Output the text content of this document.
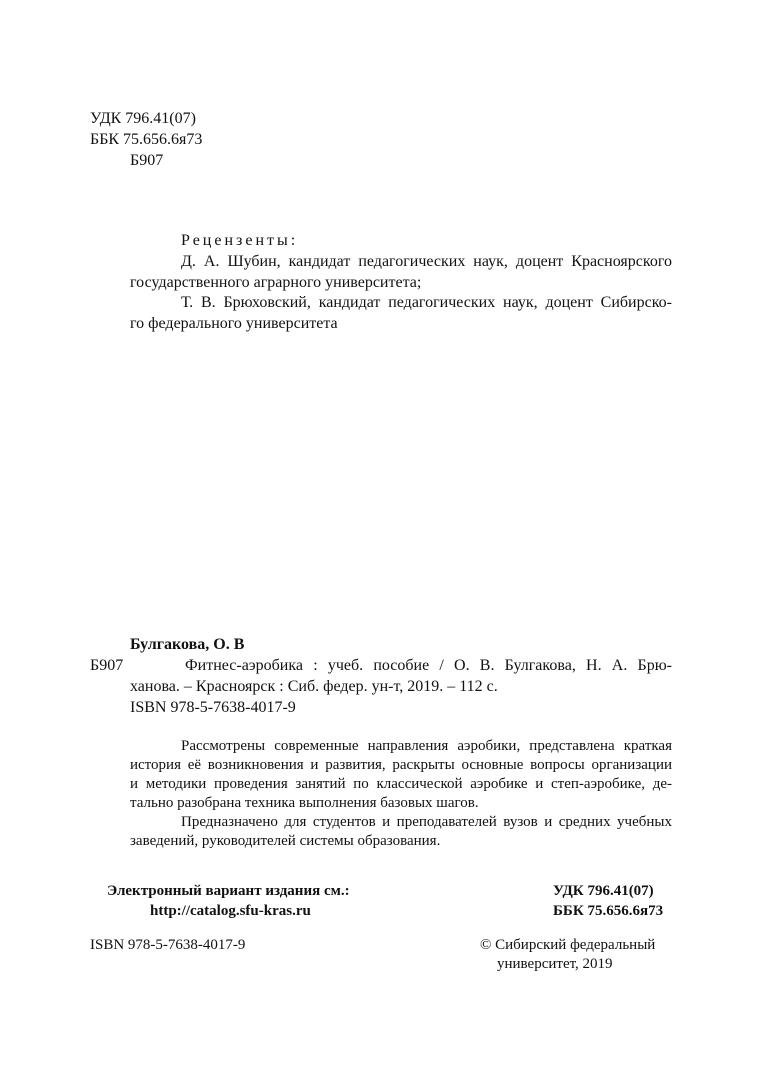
УДК 796.41(07)
ББК 75.656.6я73
Б907
Рецензенты:
Д. А. Шубин, кандидат педагогических наук, доцент Красноярского
государственного аграрного университета;
Т. В. Брюховский, кандидат педагогических наук, доцент Сибирско-
го федерального университета
Булгакова, О. В
Б907	Фитнес-аэробика : учеб. пособие / О. В. Булгакова, Н. А. Брю-
ханова. – Красноярск : Сиб. федер. ун-т, 2019. – 112 с.
ISBN 978-5-7638-4017-9
Рассмотрены современные направления аэробики, представлена краткая
история её возникновения и развития, раскрыты основные вопросы организации
и методики проведения занятий по классической аэробике и степ-аэробике, де-
тально разобрана техника выполнения базовых шагов.
Предназначено для студентов и преподавателей вузов и средних учебных
заведений, руководителей системы образования.
Электронный вариант издания см.:
http://catalog.sfu-kras.ru
УДК 796.41(07)
ББК 75.656.6я73
ISBN 978-5-7638-4017-9	© Сибирский федеральный
университет, 2019
